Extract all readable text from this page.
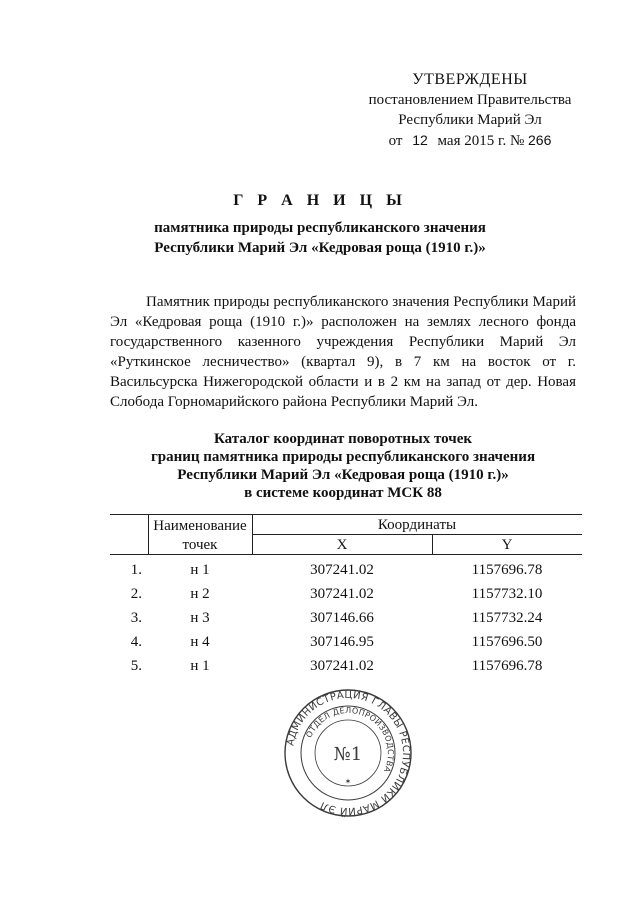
УТВЕРЖДЕНЫ
постановлением Правительства
Республики Марий Эл
от 12 мая 2015 г. № 266
Г Р А Н И Ц Ы
памятника природы республиканского значения
Республики Марий Эл «Кедровая роща (1910 г.)»
Памятник природы республиканского значения Республики Марий Эл «Кедровая роща (1910 г.)» расположен на землях лесного фонда государственного казенного учреждения Республики Марий Эл «Руткинское лесничество» (квартал 9), в 7 км на восток от г. Васильсурска Нижегородской области и в 2 км на запад от дер. Новая Слобода Горномарийского района Республики Марий Эл.
Каталог координат поворотных точек
границ памятника природы республиканского значения
Республики Марий Эл «Кедровая роща (1910 г.)»
в системе координат МСК 88
Наименование
точек
Координаты
X	Y
1.	н 1	307241.02	1157696.78
2.	н 2	307241.02	1157732.10
3.	н 3	307146.66	1157732.24
4.	н 4	307146.95	1157696.50
5.	н 1	307241.02	1157696.78
АДМИНИСТРАЦИЯ ГЛАВЫ РЕСПУБЛИКИ МАРИЙ ЭЛ
ОТДЕЛ ДЕЛОПРОИЗВОДСТВА
№1
✶
